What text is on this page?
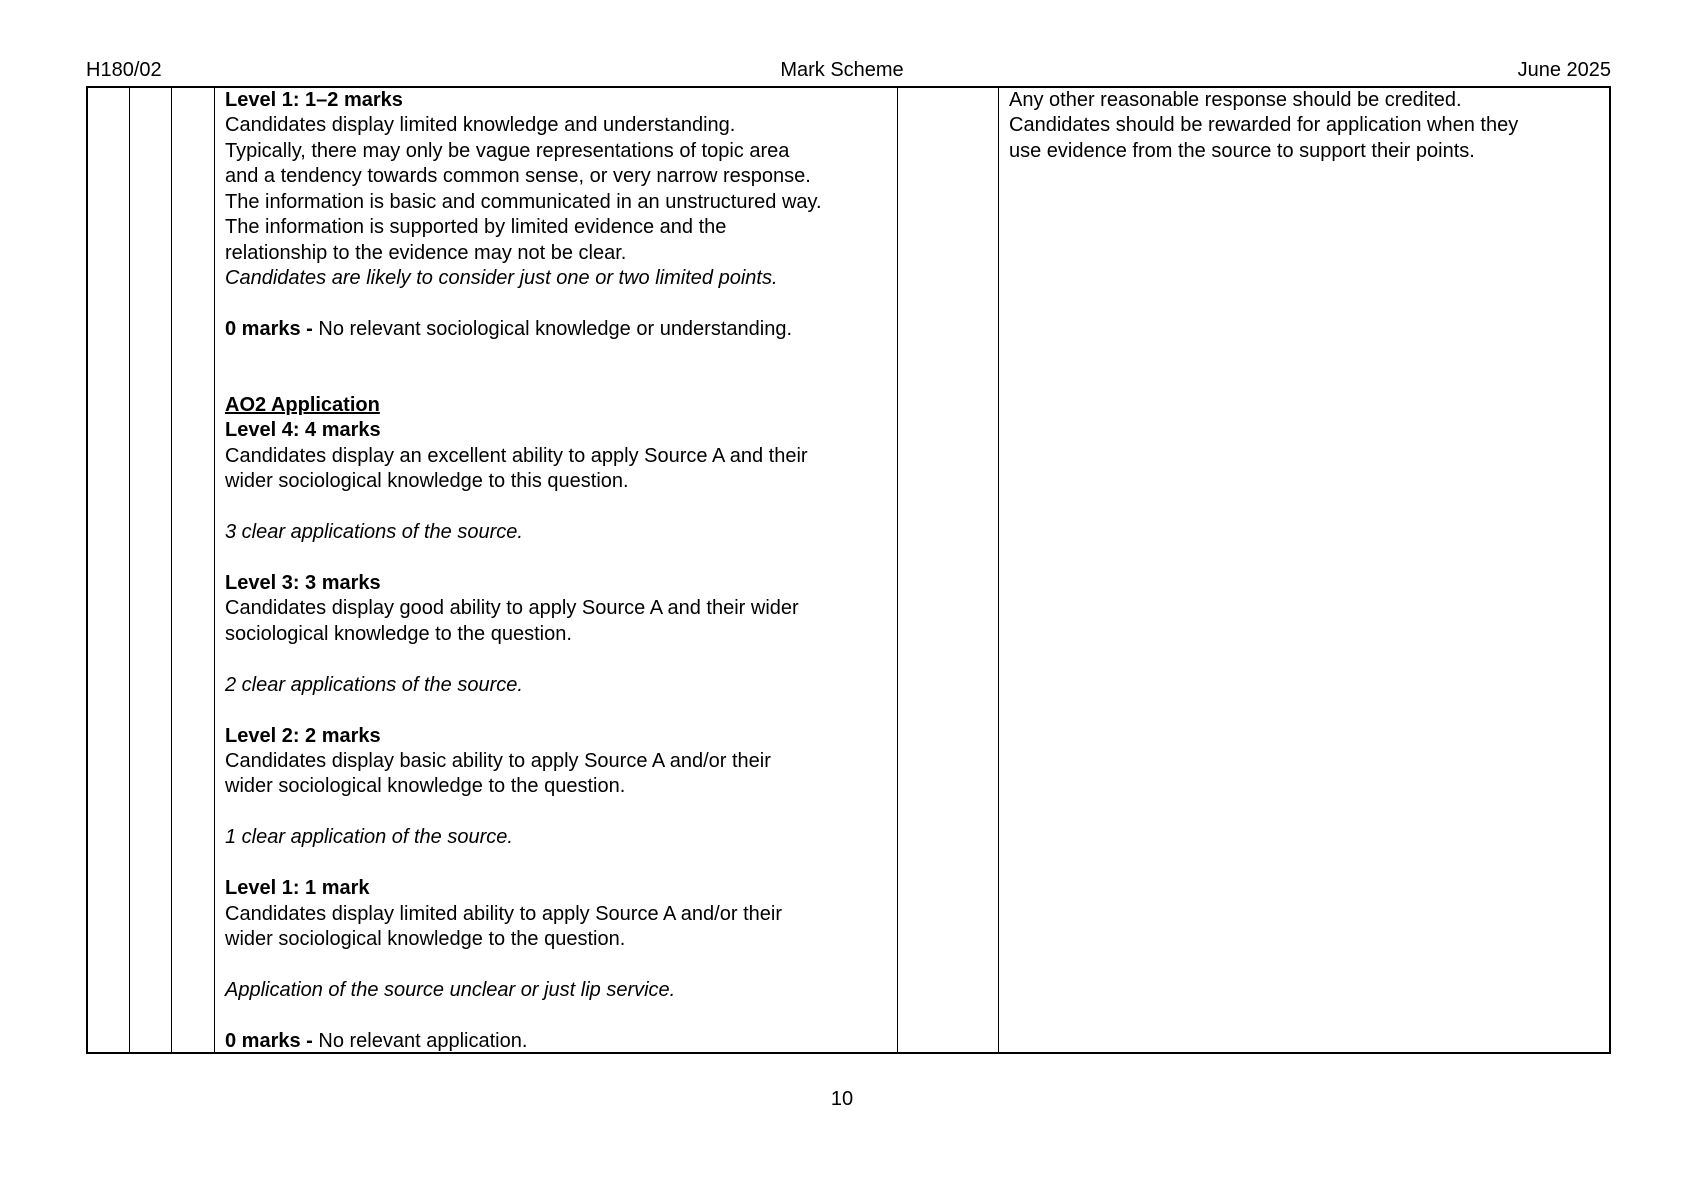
H180/02	Mark Scheme	June 2025
Level 1: 1–2 marks
Candidates display limited knowledge and understanding.
Typically, there may only be vague representations of topic area
and a tendency towards common sense, or very narrow response.
The information is basic and communicated in an unstructured way.
The information is supported by limited evidence and the
relationship to the evidence may not be clear.
Candidates are likely to consider just one or two limited points.
0 marks - No relevant sociological knowledge or understanding.
AO2 Application
Level 4: 4 marks
Candidates display an excellent ability to apply Source A and their
wider sociological knowledge to this question.
3 clear applications of the source.
Level 3: 3 marks
Candidates display good ability to apply Source A and their wider
sociological knowledge to the question.
2 clear applications of the source.
Level 2: 2 marks
Candidates display basic ability to apply Source A and/or their
wider sociological knowledge to the question.
1 clear application of the source.
Level 1: 1 mark
Candidates display limited ability to apply Source A and/or their
wider sociological knowledge to the question.
Application of the source unclear or just lip service.
0 marks - No relevant application.
Any other reasonable response should be credited.
Candidates should be rewarded for application when they
use evidence from the source to support their points.
10
